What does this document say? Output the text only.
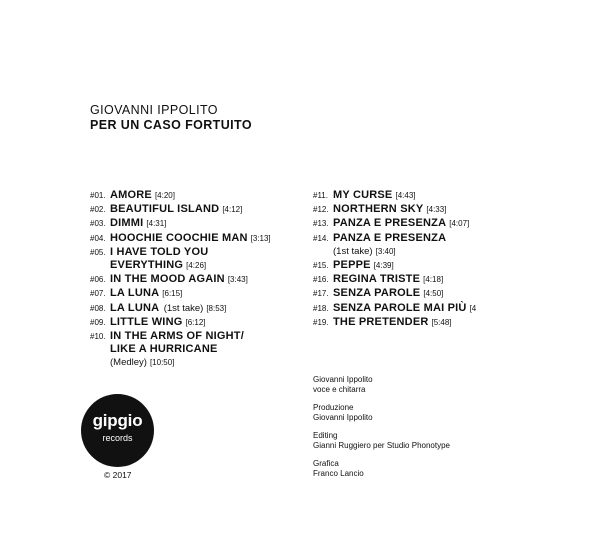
GIOVANNI IPPOLITO
PER UN CASO FORTUITO
#01. AMORE [4:20]
#02. BEAUTIFUL ISLAND [4:12]
#03. DIMMI [4:31]
#04. HOOCHIE COOCHIE MAN [3:13]
#05. I HAVE TOLD YOU
EVERYTHING [4:26]
#06. IN THE MOOD AGAIN [3:43]
#07. LA LUNA [6:15]
#08. LA LUNA (1st take) [8:53]
#09. LITTLE WING [6:12]
#10. IN THE ARMS OF NIGHT/
LIKE A HURRICANE
(Medley) [10:50]
#11. MY CURSE [4:43]
#12. NORTHERN SKY [4:33]
#13. PANZA E PRESENZA [4:07]
#14. PANZA E PRESENZA
(1st take) [3:40]
#15. PEPPE [4:39]
#16. REGINA TRISTE [4:18]
#17. SENZA PAROLE [4:50]
#18. SENZA PAROLE MAI PIÙ [4
#19. THE PRETENDER [5:48]
gipgio
records
© 2017
Giovanni Ippolito
voce e chitarra
Produzione
Giovanni Ippolito
Editing
Gianni Ruggiero per Studio Phonotype
Grafica
Franco Lancio
